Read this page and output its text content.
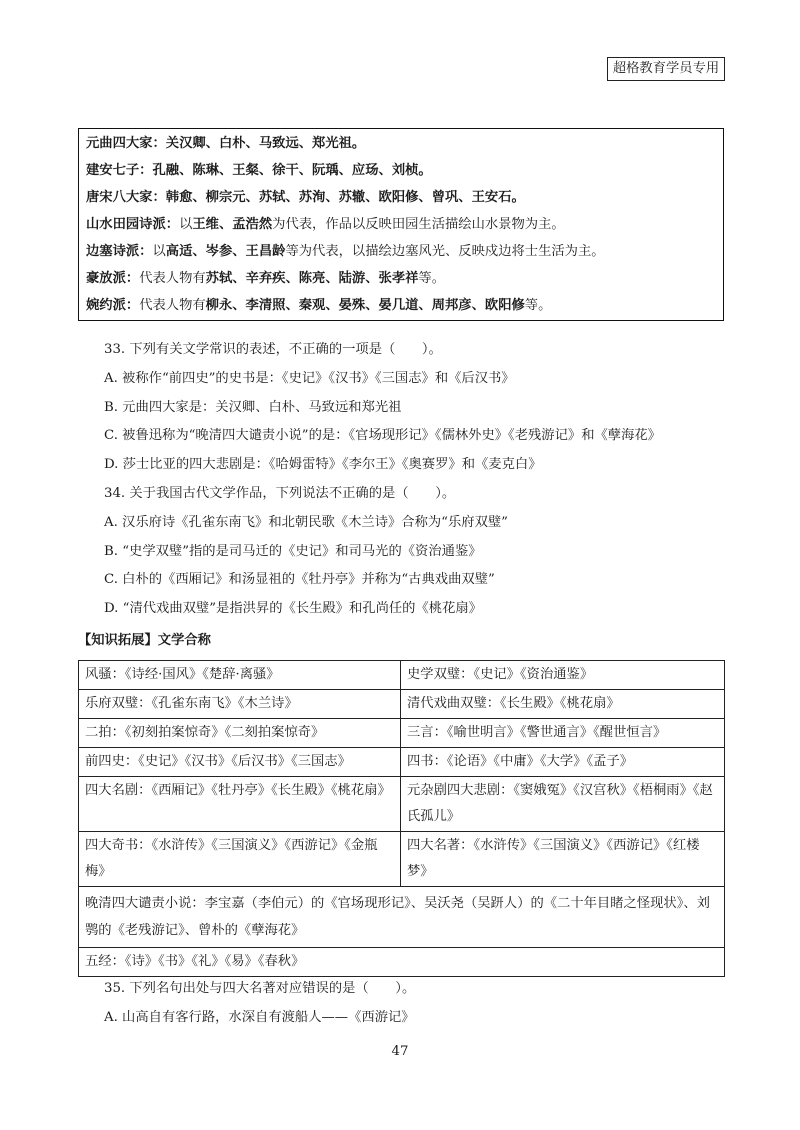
超格教育学员专用
元曲四大家：关汉卿、白朴、马致远、郑光祖。
建安七子：孔融、陈琳、王粲、徐干、阮瑀、应玚、刘桢。
唐宋八大家：韩愈、柳宗元、苏轼、苏洵、苏辙、欧阳修、曾巩、王安石。
山水田园诗派：以王维、孟浩然为代表，作品以反映田园生活描绘山水景物为主。
边塞诗派：以高适、岑参、王昌龄等为代表，以描绘边塞风光、反映戍边将士生活为主。
豪放派：代表人物有苏轼、辛弃疾、陈亮、陆游、张孝祥等。
婉约派：代表人物有柳永、李清照、秦观、晏殊、晏几道、周邦彦、欧阳修等。
33. 下列有关文学常识的表述，不正确的一项是（　　）。
A. 被称作“前四史”的史书是：《史记》《汉书》《三国志》和《后汉书》
B. 元曲四大家是：关汉卿、白朴、马致远和郑光祖
C. 被鲁迅称为“晚清四大谴责小说”的是：《官场现形记》《儒林外史》《老残游记》和《孽海花》
D. 莎士比亚的四大悲剧是：《哈姆雷特》《李尔王》《奥赛罗》和《麦克白》
34. 关于我国古代文学作品，下列说法不正确的是（　　）。
A. 汉乐府诗《孔雀东南飞》和北朝民歌《木兰诗》合称为“乐府双璧”
B. “史学双璧”指的是司马迁的《史记》和司马光的《资治通鉴》
C. 白朴的《西厢记》和汤显祖的《牡丹亭》并称为“古典戏曲双璧”
D. “清代戏曲双璧”是指洪昇的《长生殿》和孔尚任的《桃花扇》
【知识拓展】文学合称
风骚：《诗经·国风》《楚辞·离骚》	史学双璧：《史记》《资治通鉴》
乐府双璧：《孔雀东南飞》《木兰诗》	清代戏曲双璧：《长生殿》《桃花扇》
二拍：《初刻拍案惊奇》《二刻拍案惊奇》	三言：《喻世明言》《警世通言》《醒世恒言》
前四史：《史记》《汉书》《后汉书》《三国志》	四书：《论语》《中庸》《大学》《孟子》
四大名剧：《西厢记》《牡丹亭》《长生殿》《桃花扇》	元杂剧四大悲剧：《窦娥冤》《汉宫秋》《梧桐雨》《赵氏孤儿》
四大奇书：《水浒传》《三国演义》《西游记》《金瓶梅》	四大名著：《水浒传》《三国演义》《西游记》《红楼梦》
晚清四大谴责小说：李宝嘉（李伯元）的《官场现形记》、吴沃尧（吴趼人）的《二十年目睹之怪现状》、刘鹗的《老残游记》、曾朴的《孽海花》	
五经：《诗》《书》《礼》《易》《春秋》	
35. 下列名句出处与四大名著对应错误的是（　　）。
A. 山高自有客行路，水深自有渡船人——《西游记》
47
